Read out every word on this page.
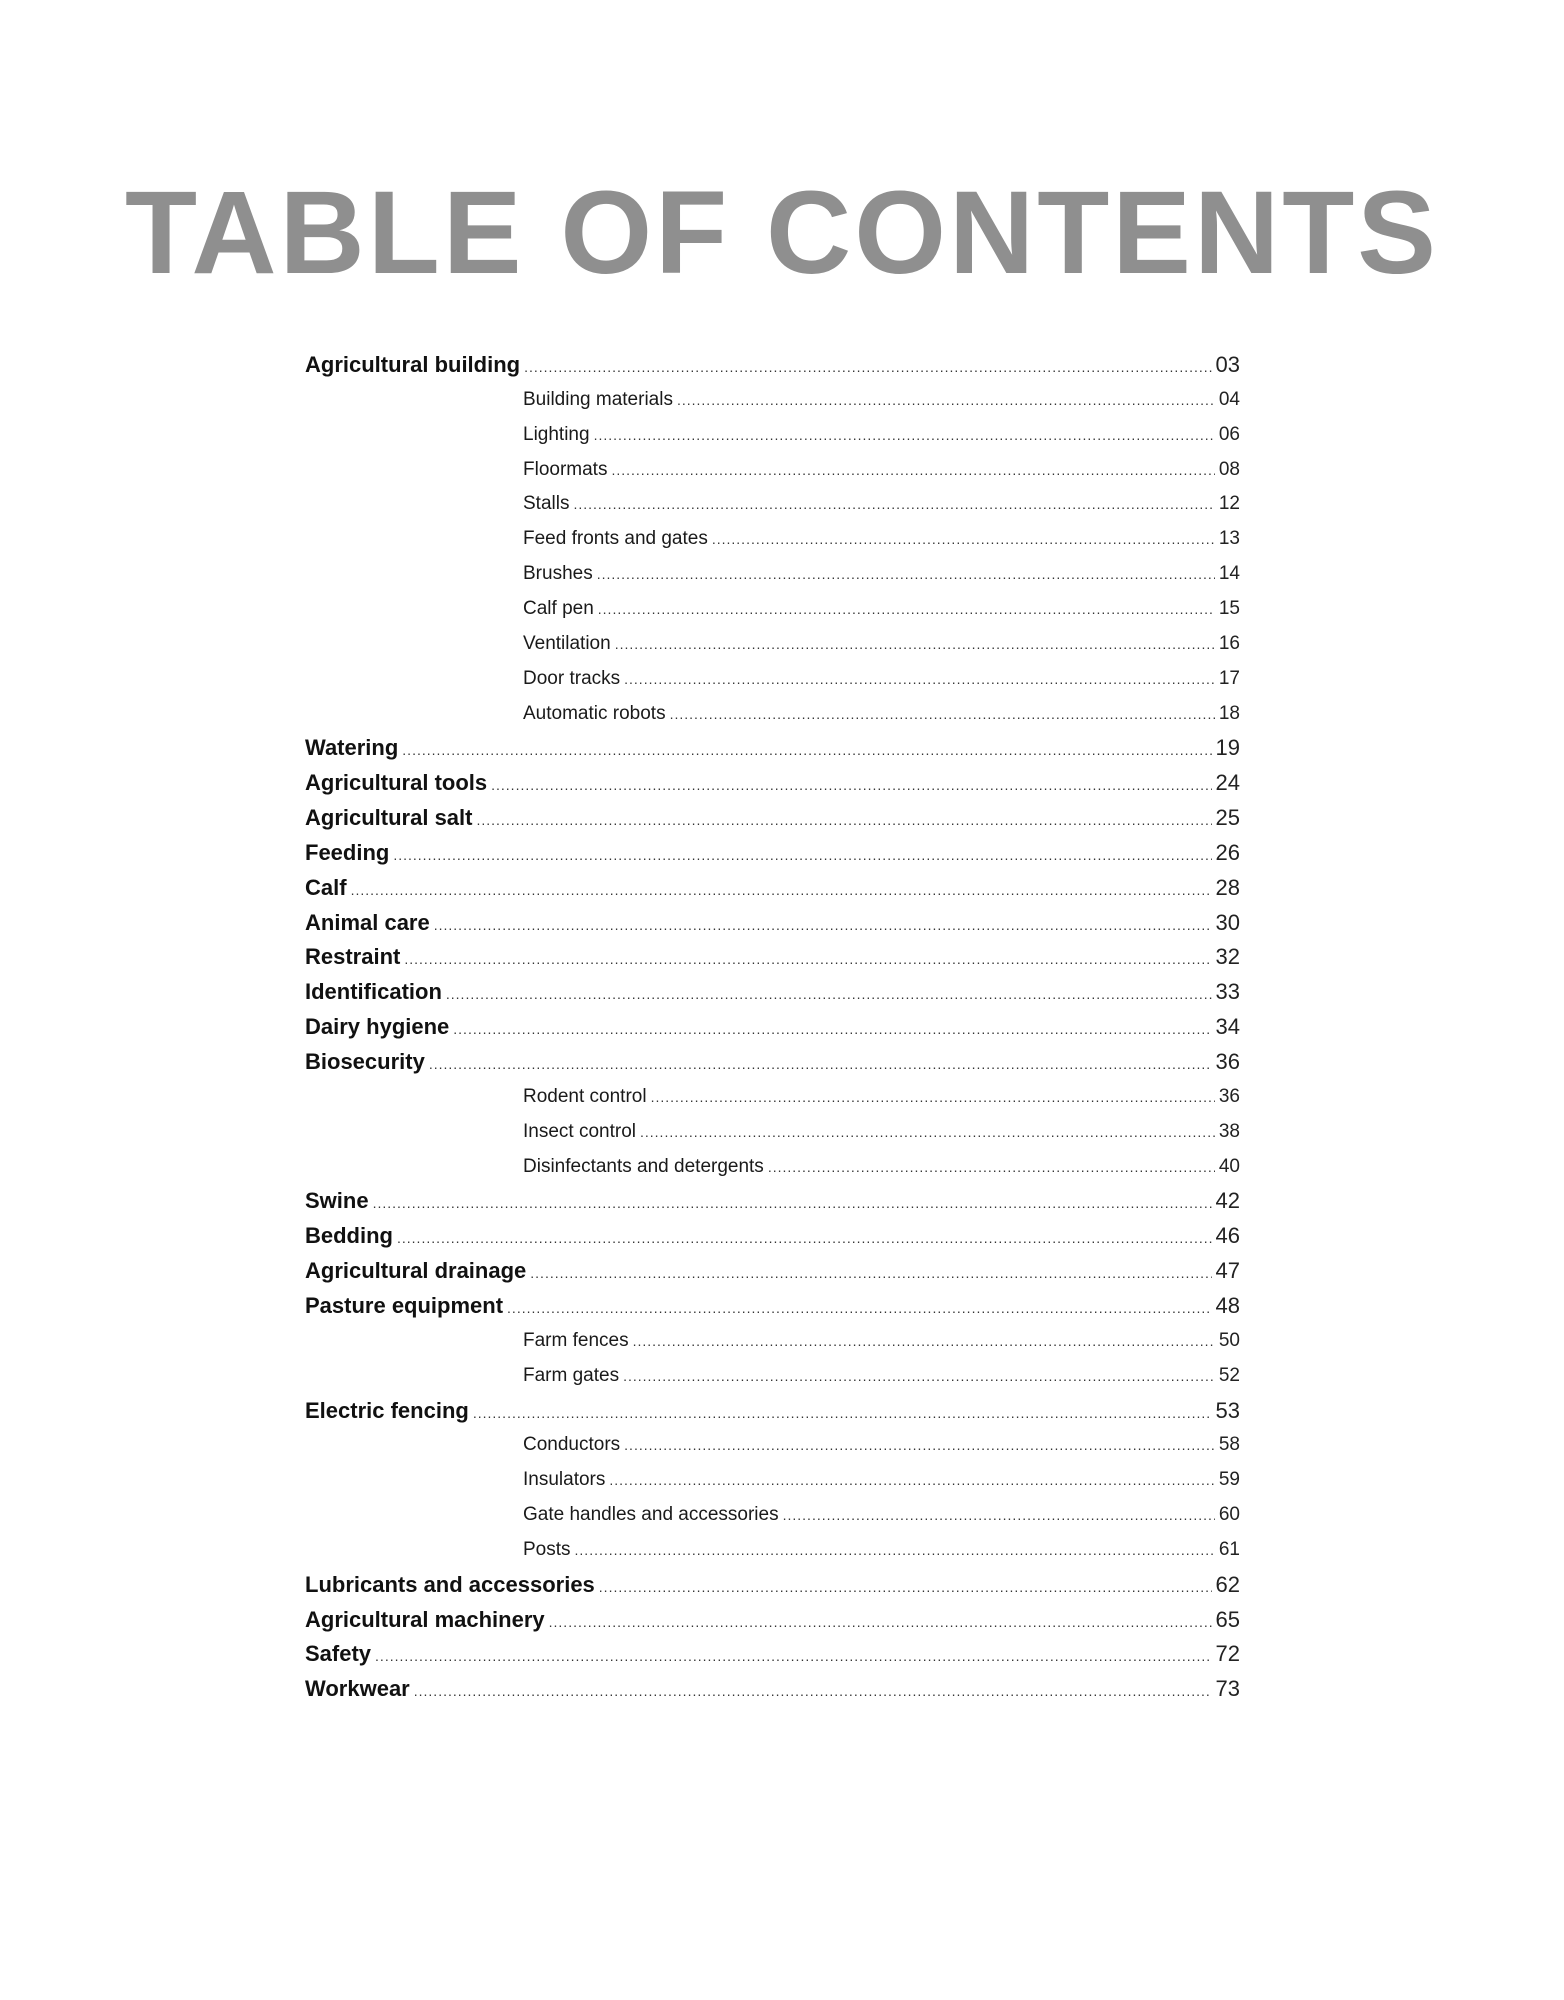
TABLE OF CONTENTS
Agricultural building .....	03
Building materials .....	04
Lighting .....	06
Floormats .....	08
Stalls .....	12
Feed fronts and gates .....	13
Brushes .....	14
Calf pen .....	15
Ventilation .....	16
Door tracks .....	17
Automatic robots .....	18
Watering .....	19
Agricultural tools .....	24
Agricultural salt .....	25
Feeding .....	26
Calf .....	28
Animal care .....	30
Restraint .....	32
Identification .....	33
Dairy hygiene .....	34
Biosecurity .....	36
Rodent control .....	36
Insect control .....	38
Disinfectants and detergents .....	40
Swine .....	42
Bedding .....	46
Agricultural drainage .....	47
Pasture equipment .....	48
Farm fences .....	50
Farm gates .....	52
Electric fencing .....	53
Conductors .....	58
Insulators .....	59
Gate handles and accessories .....	60
Posts .....	61
Lubricants and accessories .....	62
Agricultural machinery .....	65
Safety .....	72
Workwear .....	73
